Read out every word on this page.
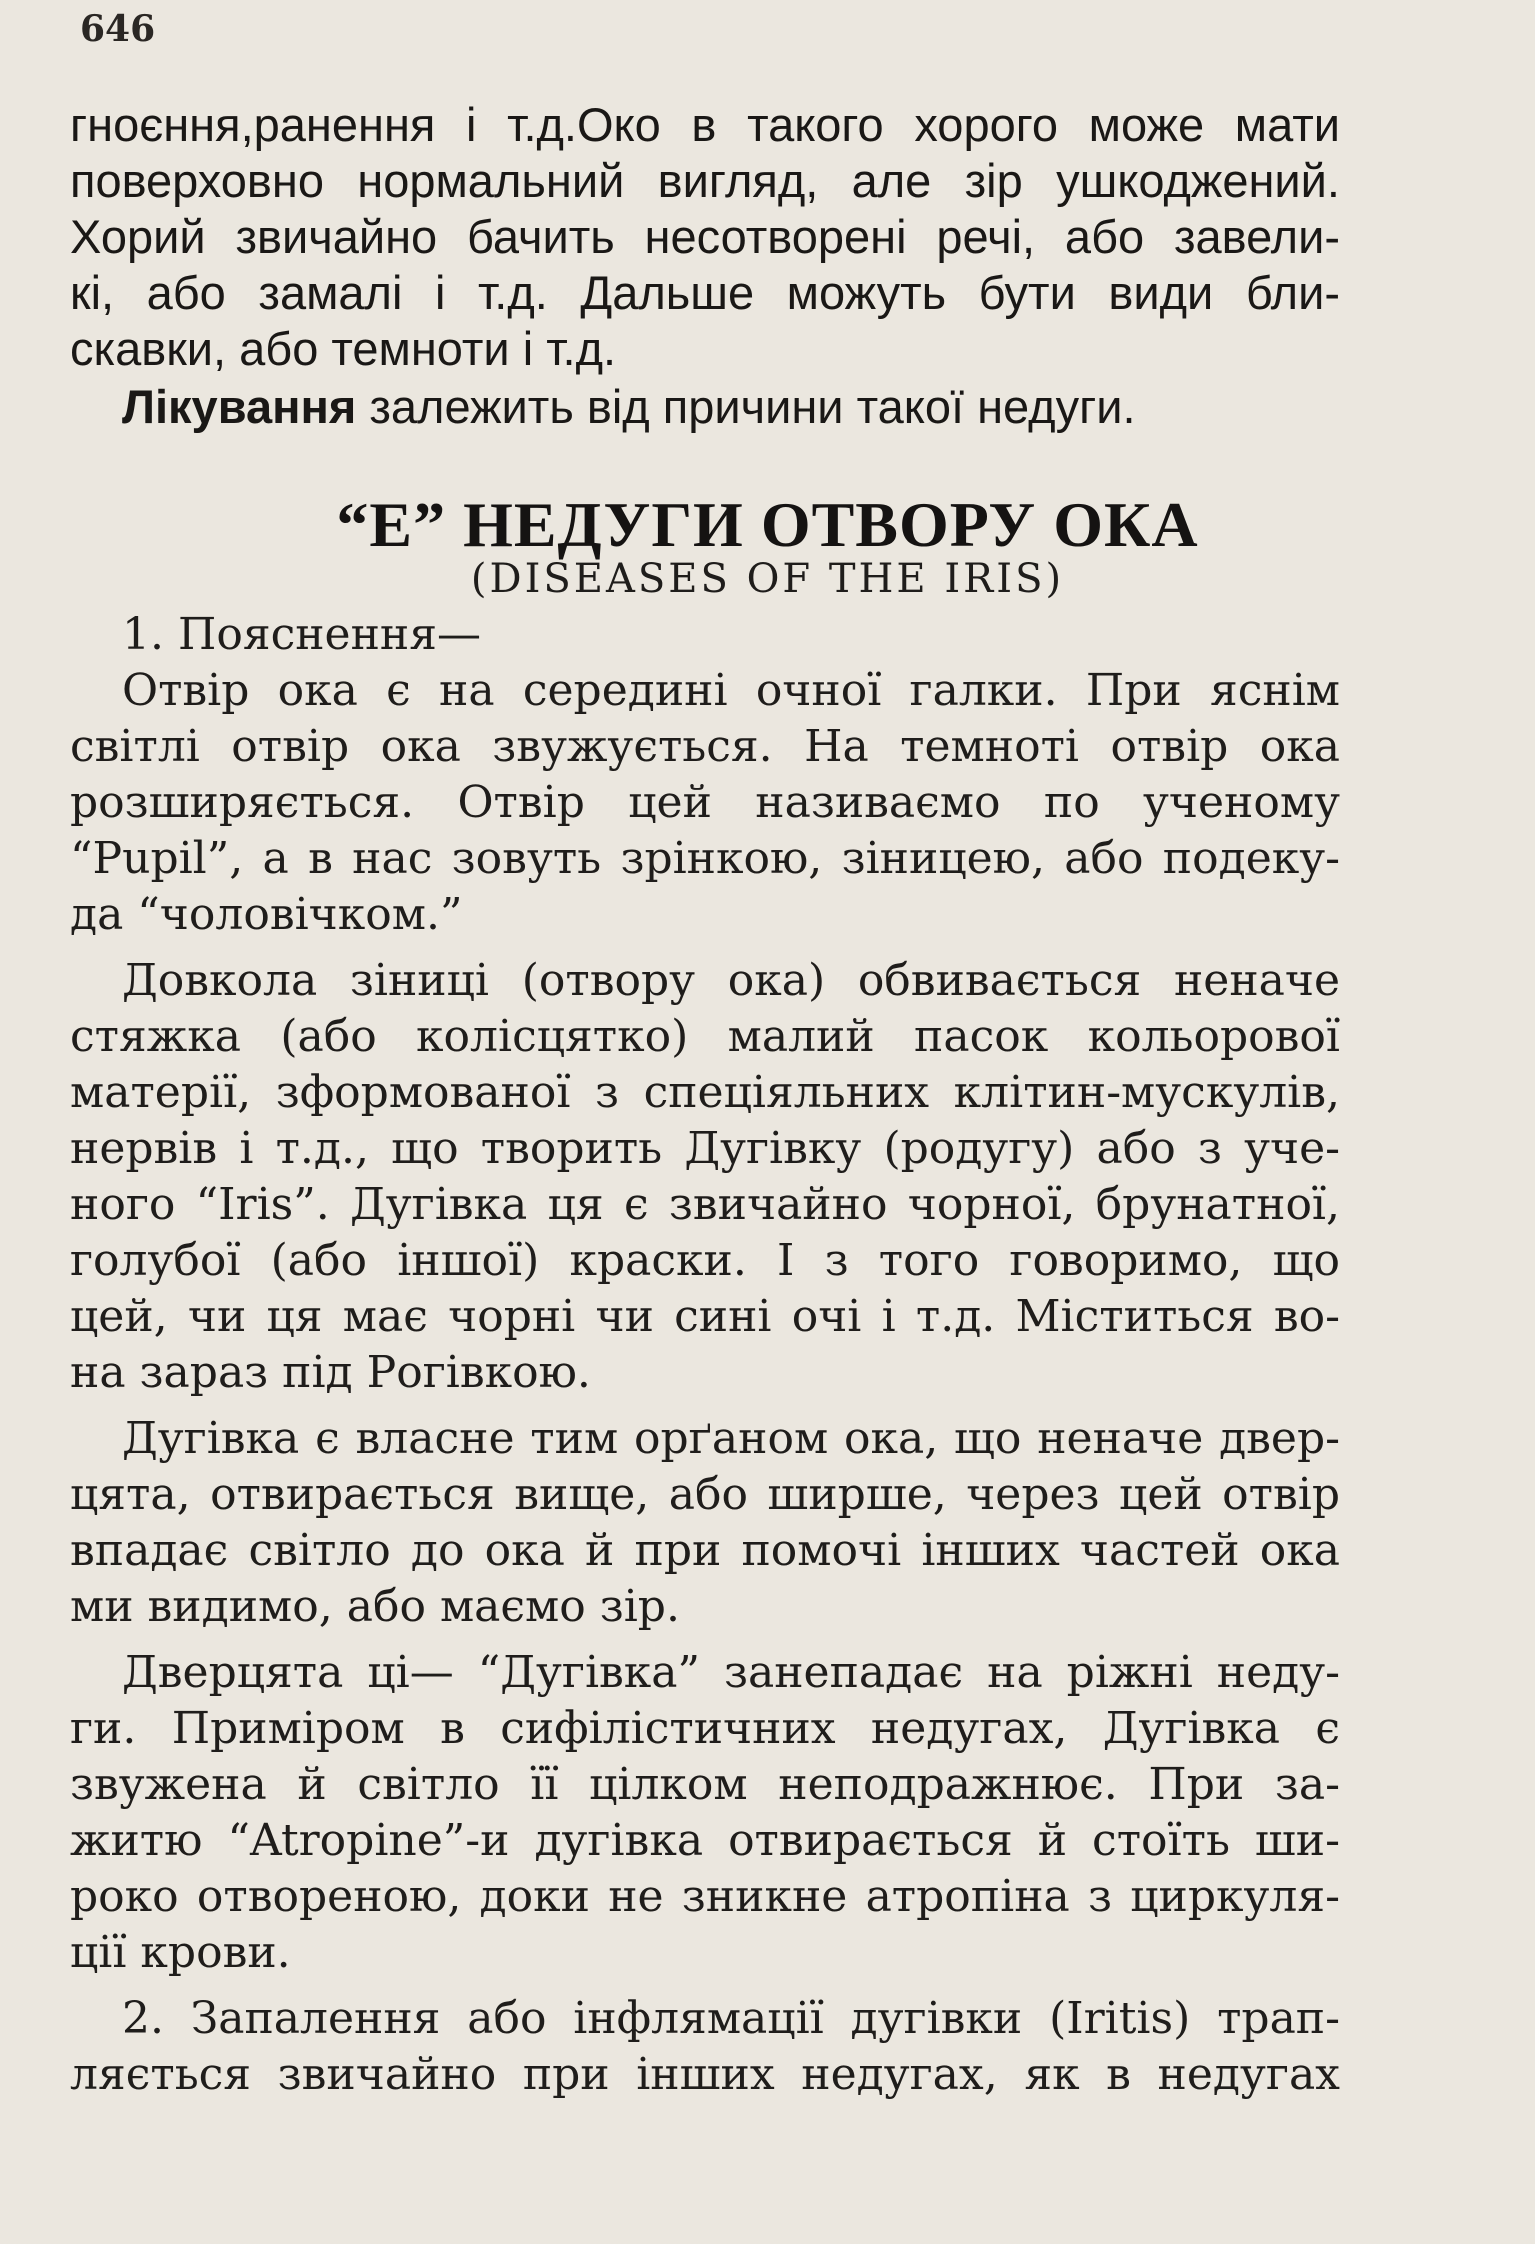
646
гноєння,ранення і т.д.Око в такого хорого може мати
поверховно нормальний вигляд, але зір ушкоджений.
Хорий звичайно бачить несотворені речі, або завели-
кі, або замалі і т.д. Дальше можуть бути види бли-
скавки, або темноти і т.д.
Лікування залежить від причини такої недуги.
“Е” НЕДУГИ ОТВОРУ ОКА
(DISEASES OF THE IRIS)
1. Пояснення—
Отвір ока є на середині очної галки. При яснім
світлі отвір ока звужується. На темноті отвір ока
розширяється. Отвір цей називаємо по ученому
“Pupil”, а в нас зовуть зрінкою, зіницею, або подеку-
да “чоловічком.”
Довкола зіниці (отвору ока) обвивається неначе
стяжка (або колісцятко) малий пасок кольорової
матерії, зформованої з спеціяльних клітин-мускулів,
нервів і т.д., що творить Дугівку (родугу) або з уче-
ного “Iris”. Дугівка ця є звичайно чорної, брунатної,
голубої (або іншої) краски. І з того говоримо, що
цей, чи ця має чорні чи сині очі і т.д. Міститься во-
на зараз під Рогівкою.
Дугівка є власне тим орґаном ока, що неначе двер-
цята, отвирається вище, або ширше, через цей отвір
впадає світло до ока й при помочі інших частей ока
ми видимо, або маємо зір.
Дверцята ці— “Дугівка” занепадає на ріжні неду-
ги. Приміром в сифілістичних недугах, Дугівка є
звужена й світло її цілком неподражнює. При за-
житю “Atropine”-и дугівка отвирається й стоїть ши-
роко отвореною, доки не зникне атропіна з циркуля-
ції крови.
2. Запалення або інфлямації дугівки (Iritis) трап-
ляється звичайно при інших недугах, як в недугах
